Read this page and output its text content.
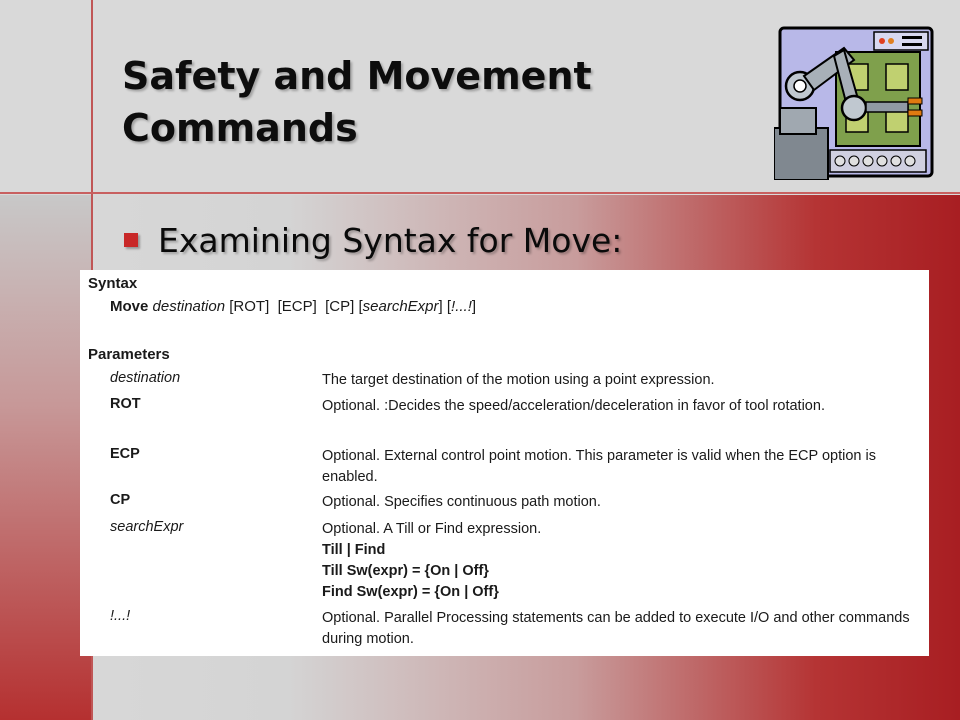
Safety and Movement
Commands
Examining Syntax for Move:
Syntax
Move destination [ROT] [ECP] [CP] [searchExpr] [!...!]
Parameters
destination	The target destination of the motion using a point expression.
ROT	Optional. :Decides the speed/acceleration/deceleration in favor of tool rotation.
ECP	Optional. External control point motion. This parameter is valid when the ECP option is enabled.
CP	Optional. Specifies continuous path motion.
searchExpr	Optional. A Till or Find expression.
Till | Find
Till Sw(expr) = {On | Off}
Find Sw(expr) = {On | Off}
!...!	Optional. Parallel Processing statements can be added to execute I/O and other commands during motion.
